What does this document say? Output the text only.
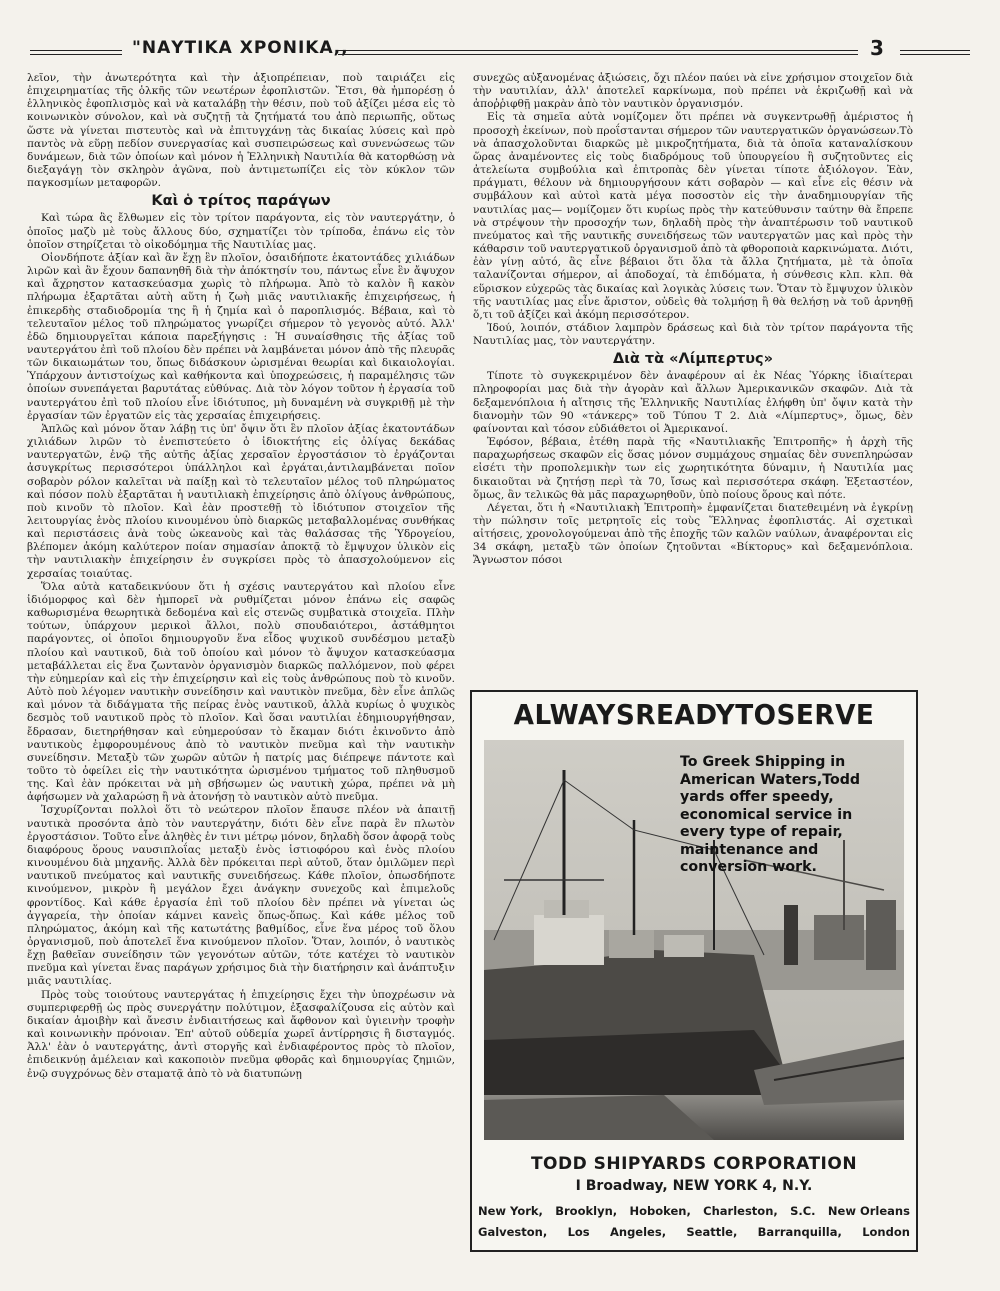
"ΝΑΥΤΙΚΑ ΧΡΟΝΙΚΑ,,	3

λεῖον, τὴν ἀνωτερότητα καὶ τὴν ἀξιοπρέπειαν, ποὺ ταιριάζει εἰς ἐπιχειρηματίας τῆς ὁλκῆς τῶν νεωτέρων ἐφοπλιστῶν. Ἔτσι, θὰ ἠμπορέσῃ ὁ ἑλληνικὸς ἐφοπλισμὸς καὶ νὰ καταλάβῃ τὴν θέσιν, ποὺ τοῦ ἀξίζει μέσα εἰς τὸ κοινωνικὸν σύνολον, καὶ νὰ συζητῇ τὰ ζητήματά του ἀπὸ περιωπῆς, οὕτως ὥστε νὰ γίνεται πιστευτὸς καὶ νὰ ἐπιτυγχάνῃ τὰς δικαίας λύσεις καὶ πρὸ παντὸς νὰ εὕρῃ πεδίον συνεργασίας καὶ συσπειρώσεως καὶ συνενώσεως τῶν δυνάμεων, διὰ τῶν ὁποίων καὶ μόνον ἡ Ἑλληνικὴ Ναυτιλία θὰ κατορθώσῃ νὰ διεξαγάγῃ τὸν σκληρὸν ἀγῶνα, ποὺ ἀντιμετωπίζει εἰς τὸν κύκλον τῶν παγκοσμίων μεταφορῶν.

Καὶ ὁ τρίτος παράγων

Καὶ τώρα ἂς ἔλθωμεν εἰς τὸν τρίτον παράγοντα, εἰς τὸν ναυτεργάτην, ὁ ὁποῖος μαζὺ μὲ τοὺς ἄλλους δύο, σχηματίζει τὸν τρίποδα, ἐπάνω εἰς τὸν ὁποῖον στηρίζεται τὸ οἰκοδόμημα τῆς Ναυτιλίας μας.

Οἱονδήποτε ἀξίαν καὶ ἂν ἔχῃ ἓν πλοῖον, ὁσαιδήποτε ἑκατοντάδες χιλιάδων λιρῶν καὶ ἂν ἔχουν δαπανηθῆ διὰ τὴν ἀπόκτησίν του, πάντως εἶνε ἓν ἄψυχον καὶ ἄχρηστον κατασκεύασμα χωρὶς τὸ πλήρωμα. Ἀπὸ τὸ καλὸν ἢ κακὸν πλήρωμα ἐξαρτᾶται αὐτὴ αὕτη ἡ ζωὴ μιᾶς ναυτιλιακῆς ἐπιχειρήσεως, ἡ ἐπικερδὴς σταδιοδρομία της ἢ ἡ ζημία καὶ ὁ παροπλισμός. Βέβαια, καὶ τὸ τελευταῖον μέλος τοῦ πληρώματος γνωρίζει σήμερον τὸ γεγονὸς αὐτό. Ἀλλ' ἐδῶ δημιουργεῖται κάποια παρεξήγησις : Ἡ συναίσθησις τῆς ἀξίας τοῦ ναυτεργάτου ἐπὶ τοῦ πλοίου δὲν πρέπει νὰ λαμβάνεται μόνον ἀπὸ τῆς πλευρᾶς τῶν δικαιωμάτων του, ὅπως διδάσκουν ὡρισμέναι θεωρίαι καὶ δικαιολογίαι. Ὑπάρχουν ἀντιστοίχως καὶ καθήκοντα καὶ ὑποχρεώσεις, ἡ παραμέλησις τῶν ὁποίων συνεπάγεται βαρυτάτας εὐθύνας. Διὰ τὸν λόγον τοῦτον ἡ ἐργασία τοῦ ναυτεργάτου ἐπὶ τοῦ πλοίου εἶνε ἰδιότυπος, μὴ δυναμένη νὰ συγκριθῇ μὲ τὴν ἐργασίαν τῶν ἐργατῶν εἰς τὰς χερσαίας ἐπιχειρήσεις.

Ἁπλῶς καὶ μόνον ὅταν λάβῃ τις ὑπ' ὄψιν ὅτι ἓν πλοῖον ἀξίας ἑκατοντάδων χιλιάδων λιρῶν τὸ ἐνεπιστεύετο ὁ ἰδιοκτήτης εἰς ὀλίγας δεκάδας ναυτεργατῶν, ἐνῷ τῆς αὐτῆς ἀξίας χερσαῖον ἐργοστάσιον τὸ ἐργάζονται ἀσυγκρίτως περισσότεροι ὑπάλληλοι καὶ ἐργάται,ἀντιλαμβάνεται ποῖον σοβαρὸν ρόλον καλεῖται νὰ παίξῃ καὶ τὸ τελευταῖον μέλος τοῦ πληρώματος καὶ πόσον πολὺ ἐξαρτᾶται ἡ ναυτιλιακὴ ἐπιχείρησις ἀπὸ ὀλίγους ἀνθρώπους, ποὺ κινοῦν τὸ πλοῖον. Καὶ ἐὰν προστεθῇ τὸ ἰδιότυπον στοιχεῖον τῆς λειτουργίας ἑνὸς πλοίου κινουμένου ὑπὸ διαρκῶς μεταβαλλομένας συνθήκας καὶ περιστάσεις ἀνὰ τοὺς ὠκεανοὺς καὶ τὰς θαλάσσας τῆς Ὑδρογείου, βλέπομεν ἀκόμη καλύτερον ποίαν σημασίαν ἀποκτᾷ τὸ ἔμψυχον ὑλικὸν εἰς τὴν ναυτιλιακὴν ἐπιχείρησιν ἐν συγκρίσει πρὸς τὸ ἀπασχολούμενον εἰς χερσαίας τοιαύτας.

Ὅλα αὐτὰ καταδεικνύουν ὅτι ἡ σχέσις ναυτεργάτου καὶ πλοίου εἶνε ἰδιόμορφος καὶ δὲν ἠμπορεῖ νὰ ρυθμίζεται μόνον ἐπάνω εἰς σαφῶς καθωρισμένα θεωρητικὰ δεδομένα καὶ εἰς στενῶς συμβατικὰ στοιχεῖα. Πλὴν τούτων, ὑπάρχουν μερικοὶ ἄλλοι, πολὺ σπουδαιότεροι, ἀστάθμητοι παράγοντες, οἱ ὁποῖοι δημιουργοῦν ἕνα εἶδος ψυχικοῦ συνδέσμου μεταξὺ πλοίου καὶ ναυτικοῦ, διὰ τοῦ ὁποίου καὶ μόνον τὸ ἄψυχον κατασκεύασμα μεταβάλλεται εἰς ἕνα ζωντανὸν ὀργανισμὸν διαρκῶς παλλόμενον, ποὺ φέρει τὴν εὐημερίαν καὶ εἰς τὴν ἐπιχείρησιν καὶ εἰς τοὺς ἀνθρώπους ποὺ τὸ κινοῦν. Αὐτὸ ποὺ λέγομεν ναυτικὴν συνείδησιν καὶ ναυτικὸν πνεῦμα, δὲν εἶνε ἁπλῶς καὶ μόνον τὰ διδάγματα τῆς πείρας ἑνὸς ναυτικοῦ, ἀλλὰ κυρίως ὁ ψυχικὸς δεσμὸς τοῦ ναυτικοῦ πρὸς τὸ πλοῖον. Καὶ ὅσαι ναυτιλίαι ἐδημιουργήθησαν, ἔδρασαν, διετηρήθησαν καὶ εὐημερούσαν τὸ ἔκαμαν διότι ἐκινοῦντο ἀπὸ ναυτικοὺς ἐμφορουμένους ἀπὸ τὸ ναυτικὸν πνεῦμα καὶ τὴν ναυτικὴν συνείδησιν. Μεταξὺ τῶν χωρῶν αὐτῶν ἡ πατρίς μας διέπρεψε πάντοτε καὶ τοῦτο τὸ ὀφείλει εἰς τὴν ναυτικότητα ὡρισμένου τμήματος τοῦ πληθυσμοῦ της. Καὶ ἐὰν πρόκειται νὰ μὴ σβήσωμεν ὡς ναυτικὴ χώρα, πρέπει νὰ μὴ ἀφήσωμεν νὰ χαλαρώσῃ ἢ νὰ ἀτονήσῃ τὸ ναυτικὸν αὐτὸ πνεῦμα.

Ἰσχυρίζονται πολλοὶ ὅτι τὸ νεώτερον πλοῖον ἔπαυσε πλέον νὰ ἀπαιτῇ ναυτικὰ προσόντα ἀπὸ τὸν ναυτεργάτην, διότι δὲν εἶνε παρὰ ἓν πλωτὸν ἐργοστάσιον. Τοῦτο εἶνε ἀληθὲς ἐν τινι μέτρῳ μόνον, δηλαδὴ ὅσον ἀφορᾷ τοὺς διαφόρους ὅρους ναυσιπλοΐας μεταξὺ ἑνὸς ἱστιοφόρου καὶ ἑνὸς πλοίου κινουμένου διὰ μηχανῆς. Ἀλλὰ δὲν πρόκειται περὶ αὐτοῦ, ὅταν ὁμιλῶμεν περὶ ναυτικοῦ πνεύματος καὶ ναυτικῆς συνειδήσεως. Κάθε πλοῖον, ὁπωσδήποτε κινούμενον, μικρὸν ἢ μεγάλον ἔχει ἀνάγκην συνεχοῦς καὶ ἐπιμελοῦς φροντίδος. Καὶ κάθε ἐργασία ἐπὶ τοῦ πλοίου δὲν πρέπει νὰ γίνεται ὡς ἀγγαρεία, τὴν ὁποίαν κάμνει κανεὶς ὅπως-ὅπως. Καὶ κάθε μέλος τοῦ πληρώματος, ἀκόμη καὶ τῆς κατωτάτης βαθμίδος, εἶνε ἕνα μέρος τοῦ ὅλου ὀργανισμοῦ, ποὺ ἀποτελεῖ ἕνα κινούμενον πλοῖον. Ὅταν, λοιπόν, ὁ ναυτικὸς ἔχῃ βαθεῖαν συνείδησιν τῶν γεγονότων αὐτῶν, τότε κατέχει τὸ ναυτικὸν πνεῦμα καὶ γίνεται ἕνας παράγων χρήσιμος διὰ τὴν διατήρησιν καὶ ἀνάπτυξιν μιᾶς ναυτιλίας.

Πρὸς τοὺς τοιούτους ναυτεργάτας ἡ ἐπιχείρησις ἔχει τὴν ὑποχρέωσιν νὰ συμπεριφερθῇ ὡς πρὸς συνεργάτην πολύτιμον, ἐξασφαλίζουσα εἰς αὐτὸν καὶ δικαίαν ἀμοιβὴν καὶ ἄνεσιν ἐνδιαιτήσεως καὶ ἄφθονον καὶ ὑγιεινὴν τροφὴν καὶ κοινωνικὴν πρόνοιαν. Ἐπ' αὐτοῦ οὐδεμία χωρεῖ ἀντίρρησις ἢ δισταγμός. Ἀλλ' ἐὰν ὁ ναυτεργάτης, ἀντὶ στοργῆς καὶ ἐνδιαφέροντος πρὸς τὸ πλοῖον, ἐπιδεικνύῃ ἀμέλειαν καὶ κακοποιὸν πνεῦμα φθορᾶς καὶ δημιουργίας ζημιῶν, ἐνῷ συγχρόνως δὲν σταματᾷ ἀπὸ τὸ νὰ διατυπώνῃ

συνεχῶς αὐξανομένας ἀξιώσεις, ὄχι πλέον παύει νὰ εἶνε χρήσιμον στοιχεῖον διὰ τὴν ναυτιλίαν, ἀλλ' ἀποτελεῖ καρκίνωμα, ποὺ πρέπει νὰ ἐκριζωθῇ καὶ νὰ ἀποῤῥιφθῇ μακρὰν ἀπὸ τὸν ναυτικὸν ὀργανισμόν.

Εἰς τὰ σημεῖα αὐτὰ νομίζομεν ὅτι πρέπει νὰ συγκεντρωθῇ ἀμέριστος ἡ προσοχὴ ἐκείνων, ποὺ προΐστανται σήμερον τῶν ναυτεργατικῶν ὀργανώσεων.Τὸ νὰ ἀπασχολοῦνται διαρκῶς μὲ μικροζητήματα, διὰ τὰ ὁποῖα καταναλίσκουν ὥρας ἀναμένοντες εἰς τοὺς διαδρόμους τοῦ ὑπουργείου ἢ συζητοῦντες εἰς ἀτελείωτα συμβούλια καὶ ἐπιτροπὰς δὲν γίνεται τίποτε ἀξιόλογον. Ἐὰν, πράγματι, θέλουν νὰ δημιουργήσουν κάτι σοβαρὸν — καὶ εἶνε εἰς θέσιν νὰ συμβάλουν καὶ αὐτοὶ κατὰ μέγα ποσοστὸν εἰς τὴν ἀναδημιουργίαν τῆς ναυτιλίας μας— νομίζομεν ὅτι κυρίως πρὸς τὴν κατεύθυνσιν ταύτην θὰ ἔπρεπε νὰ στρέψουν τὴν προσοχήν των, δηλαδὴ πρὸς τὴν ἀναπτέρωσιν τοῦ ναυτικοῦ πνεύματος καὶ τῆς ναυτικῆς συνειδήσεως τῶν ναυτεργατῶν μας καὶ πρὸς τὴν κάθαρσιν τοῦ ναυτεργατικοῦ ὀργανισμοῦ ἀπὸ τὰ φθοροποιὰ καρκινώματα. Διότι, ἐὰν γίνῃ αὐτό, ἂς εἶνε βέβαιοι ὅτι ὅλα τὰ ἄλλα ζητήματα, μὲ τὰ ὁποῖα ταλανίζονται σήμερον, αἱ ἀποδοχαί, τὰ ἐπιδόματα, ἡ σύνθεσις κλπ. κλπ. θὰ εὕρισκον εὐχερῶς τὰς δικαίας καὶ λογικὰς λύσεις των. Ὅταν τὸ ἔμψυχον ὑλικὸν τῆς ναυτιλίας μας εἶνε ἄριστον, οὐδεὶς θὰ τολμήσῃ ἢ θὰ θελήσῃ νὰ τοῦ ἀρνηθῇ ὅ,τι τοῦ ἀξίζει καὶ ἀκόμη περισσότερον.

Ἰδού, λοιπόν, στάδιον λαμπρὸν δράσεως καὶ διὰ τὸν τρίτον παράγοντα τῆς Ναυτιλίας μας, τὸν ναυτεργάτην.

Διὰ τὰ «Λίμπερτυς»

Τίποτε τὸ συγκεκριμένον δὲν ἀναφέρουν αἱ ἐκ Νέας Ὑόρκης ἰδιαίτεραι πληροφορίαι μας διὰ τὴν ἀγορὰν καὶ ἄλλων Ἀμερικανικῶν σκαφῶν. Διὰ τὰ δεξαμενόπλοια ἡ αἴτησις τῆς Ἑλληνικῆς Ναυτιλίας ἐλήφθη ὑπ' ὄψιν κατὰ τὴν διανομὴν τῶν 90 «τάνκερς» τοῦ Τύπου Τ 2. Διὰ «Λίμπερτυς», ὅμως, δὲν φαίνονται καὶ τόσον εὐδιάθετοι οἱ Ἀμερικανοί.

Ἐφόσον, βέβαια, ἐτέθη παρὰ τῆς «Ναυτιλιακῆς Ἐπιτροπῆς» ἡ ἀρχὴ τῆς παραχωρήσεως σκαφῶν εἰς ὅσας μόνον συμμάχους σημαίας δὲν συνεπληρώσαν εἰσέτι τὴν προπολεμικὴν των εἰς χωρητικότητα δύναμιν, ἡ Ναυτιλία μας δικαιοῦται νὰ ζητήσῃ περὶ τὰ 70, ἴσως καὶ περισσότερα σκάφη. Ἐξεταστέον, ὅμως, ἂν τελικῶς θὰ μᾶς παραχωρηθοῦν, ὑπὸ ποίους ὅρους καὶ πότε.

Λέγεται, ὅτι ἡ «Ναυτιλιακὴ Ἐπιτροπὴ» ἐμφανίζεται διατεθειμένη νὰ ἐγκρίνῃ τὴν πώλησιν τοῖς μετρητοῖς εἰς τοὺς Ἕλληνας ἐφοπλιστάς. Αἱ σχετικαὶ αἰτήσεις, χρονολογούμεναι ἀπὸ τῆς ἐποχῆς τῶν καλῶν ναύλων, ἀναφέρονται εἰς 34 σκάφη, μεταξὺ τῶν ὁποίων ζητοῦνται «Βίκτορυς» καὶ δεξαμενόπλοια. Ἄγνωστον πόσοι

ALWAYSREADYTOSERVE
To Greek Shipping in American Waters,Todd yards offer speedy, economical service in every type of repair, maintenance and conversion work.
TODD SHIPYARDS CORPORATION
I Broadway, NEW YORK 4, N.Y.
New York, Brooklyn, Hoboken, Charleston, S.C. New Orleans
Galveston, Los Angeles, Seattle, Barranquilla, London
